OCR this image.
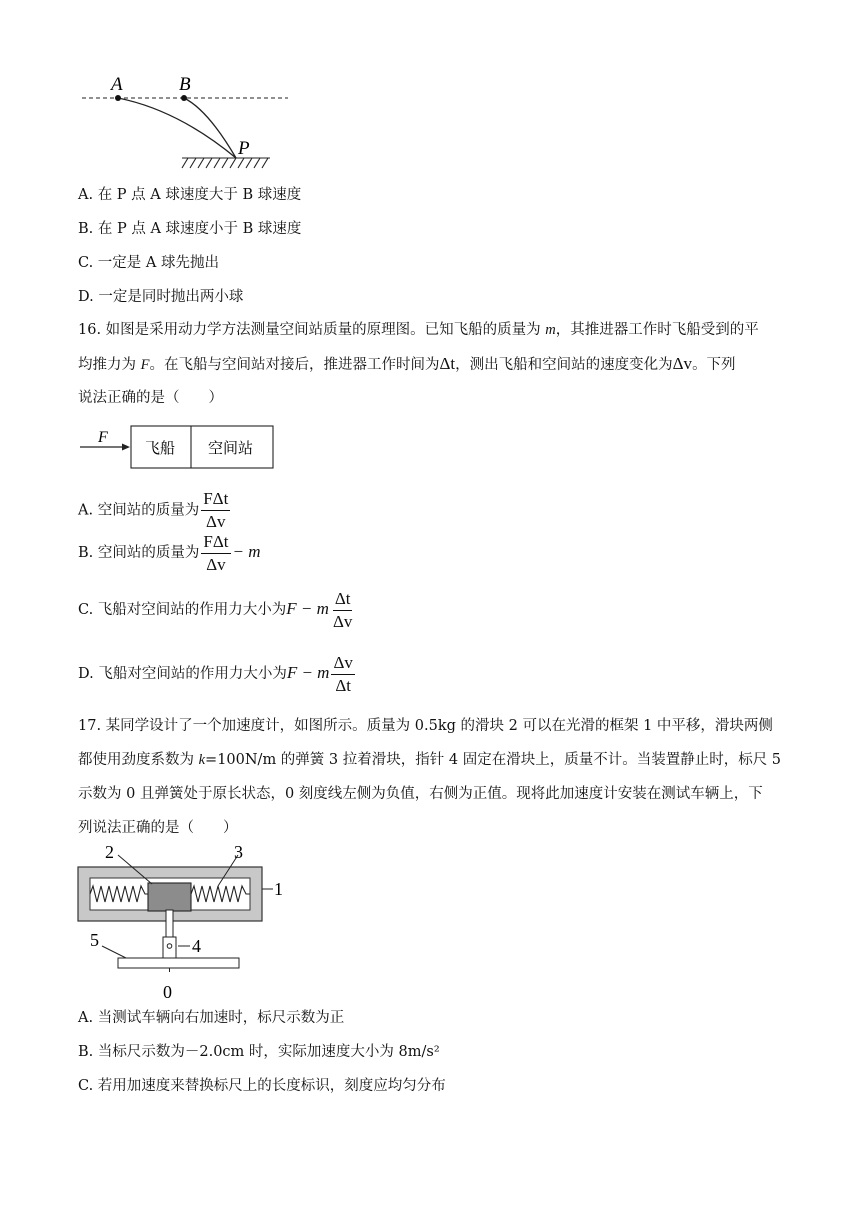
A	B
P
A. 在 P 点 A 球速度大于 B 球速度
B. 在 P 点 A 球速度小于 B 球速度
C. 一定是 A 球先抛出
D. 一定是同时抛出两小球
16. 如图是采用动力学方法测量空间站质量的原理图。已知飞船的质量为 m，其推进器工作时飞船受到的平
均推力为 F。在飞船与空间站对接后，推进器工作时间为Δt，测出飞船和空间站的速度变化为Δv。下列
说法正确的是（　　）
F
飞船 空间站
A. 空间站的质量为 $\frac{\text{FΔt}}{\Delta v}$
B. 空间站的质量为 $\frac{\text{FΔt}}{\Delta v} - m$
C. 飞船对空间站的作用力大小为F − m $\frac{\Delta t}{\Delta v}$
D. 飞船对空间站的作用力大小为F − m $\frac{\Delta v}{\Delta t}$
17. 某同学设计了一个加速度计，如图所示。质量为 0.5kg 的滑块 2 可以在光滑的框架 1 中平移，滑块两侧
都使用劲度系数为 k=100N/m 的弹簧 3 拉着滑块，指针 4 固定在滑块上，质量不计。当装置静止时，标尺 5
示数为 0 且弹簧处于原长状态，0 刻度线左侧为负值，右侧为正值。现将此加速度计安装在测试车辆上，下
列说法正确的是（　　）
2	3
1
4
5
0
A. 当测试车辆向右加速时，标尺示数为正
B. 当标尺示数为－2.0cm 时，实际加速度大小为 8m/s²
C. 若用加速度来替换标尺上的长度标识，刻度应均匀分布
